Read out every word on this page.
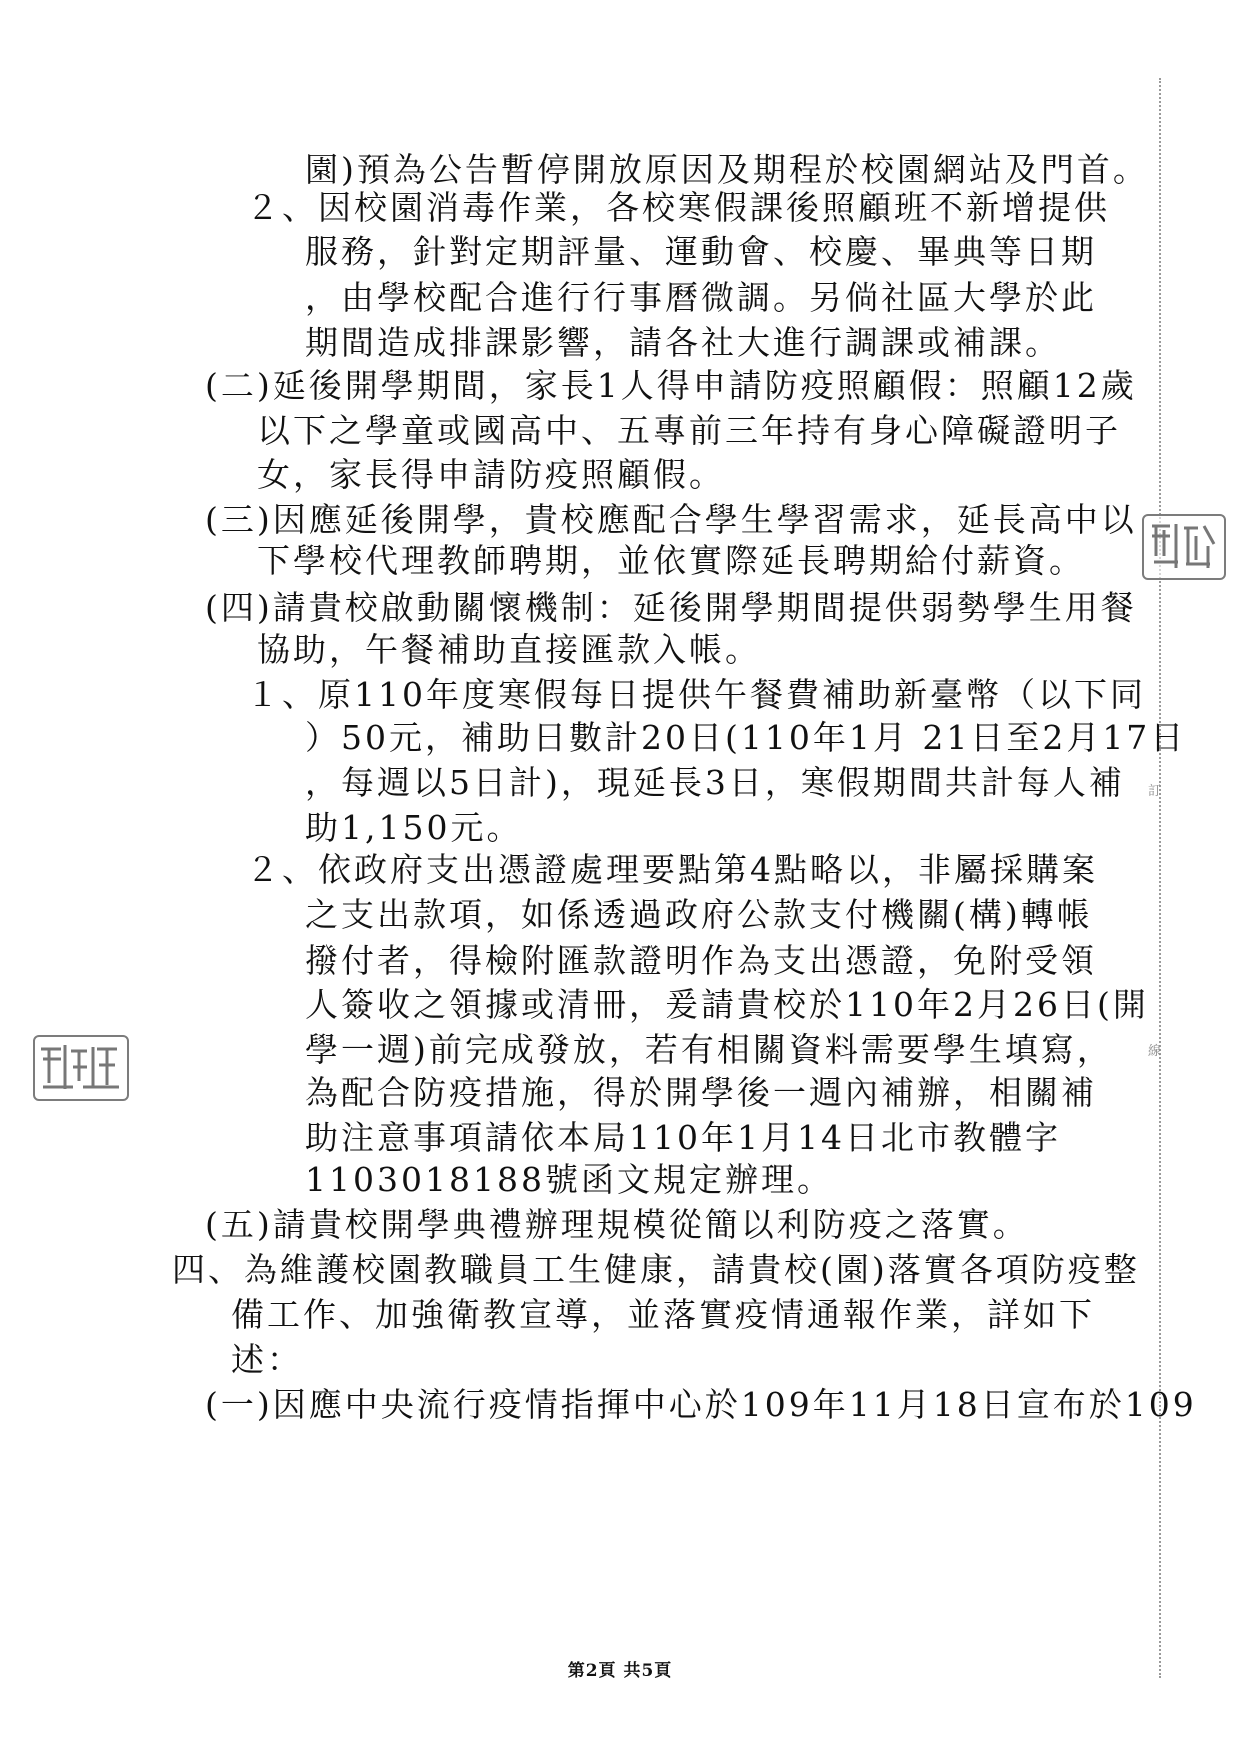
園)預為公告暫停開放原因及期程於校園網站及門首。
２、因校園消毒作業，各校寒假課後照顧班不新增提供
服務，針對定期評量、運動會、校慶、畢典等日期
，由學校配合進行行事曆微調。另倘社區大學於此
期間造成排課影響，請各社大進行調課或補課。
(二)延後開學期間，家長1人得申請防疫照顧假：照顧12歲
以下之學童或國高中、五專前三年持有身心障礙證明子
女，家長得申請防疫照顧假。
(三)因應延後開學，貴校應配合學生學習需求，延長高中以
下學校代理教師聘期，並依實際延長聘期給付薪資。
(四)請貴校啟動關懷機制：延後開學期間提供弱勢學生用餐
協助，午餐補助直接匯款入帳。
１、原110年度寒假每日提供午餐費補助新臺幣（以下同
）50元，補助日數計20日(110年1月 21日至2月17日
，每週以5日計)，現延長3日，寒假期間共計每人補
助1,150元。
２、依政府支出憑證處理要點第4點略以，非屬採購案
之支出款項，如係透過政府公款支付機關(構)轉帳
撥付者，得檢附匯款證明作為支出憑證，免附受領
人簽收之領據或清冊，爰請貴校於110年2月26日(開
學一週)前完成發放，若有相關資料需要學生填寫，
為配合防疫措施，得於開學後一週內補辦，相關補
助注意事項請依本局110年1月14日北市教體字
1103018188號函文規定辦理。
(五)請貴校開學典禮辦理規模從簡以利防疫之落實。
四、為維護校園教職員工生健康，請貴校(園)落實各項防疫整
備工作、加強衛教宣導，並落實疫情通報作業，詳如下
述：
(一)因應中央流行疫情指揮中心於109年11月18日宣布於109
訂
線
第2頁 共5頁
